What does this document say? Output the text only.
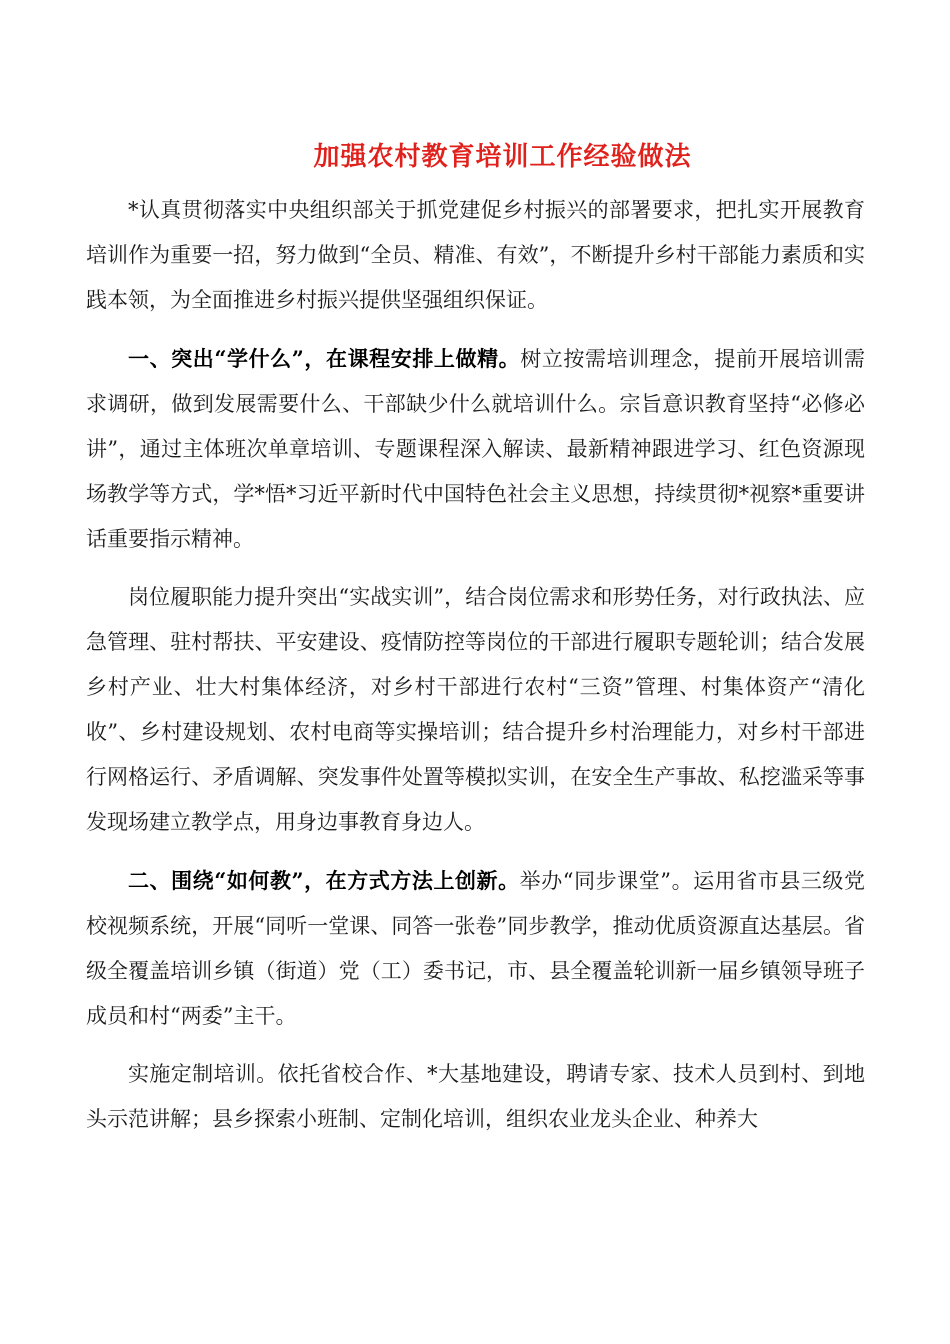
加强农村教育培训工作经验做法

*认真贯彻落实中央组织部关于抓党建促乡村振兴的部署要求，把扎实开展教育培训作为重要一招，努力做到“全员、精准、有效”，不断提升乡村干部能力素质和实践本领，为全面推进乡村振兴提供坚强组织保证。

一、突出“学什么”，在课程安排上做精。树立按需培训理念，提前开展培训需求调研，做到发展需要什么、干部缺少什么就培训什么。宗旨意识教育坚持“必修必讲”，通过主体班次单章培训、专题课程深入解读、最新精神跟进学习、红色资源现场教学等方式，学*悟*习近平新时代中国特色社会主义思想，持续贯彻*视察*重要讲话重要指示精神。

岗位履职能力提升突出“实战实训”，结合岗位需求和形势任务，对行政执法、应急管理、驻村帮扶、平安建设、疫情防控等岗位的干部进行履职专题轮训；结合发展乡村产业、壮大村集体经济，对乡村干部进行农村“三资”管理、村集体资产“清化收”、乡村建设规划、农村电商等实操培训；结合提升乡村治理能力，对乡村干部进行网格运行、矛盾调解、突发事件处置等模拟实训，在安全生产事故、私挖滥采等事发现场建立教学点，用身边事教育身边人。

二、围绕“如何教”，在方式方法上创新。举办“同步课堂”。运用省市县三级党校视频系统，开展“同听一堂课、同答一张卷”同步教学，推动优质资源直达基层。省级全覆盖培训乡镇（街道）党（工）委书记，市、县全覆盖轮训新一届乡镇领导班子成员和村“两委”主干。

实施定制培训。依托省校合作、*大基地建设，聘请专家、技术人员到村、到地头示范讲解；县乡探索小班制、定制化培训，组织农业龙头企业、种养大
